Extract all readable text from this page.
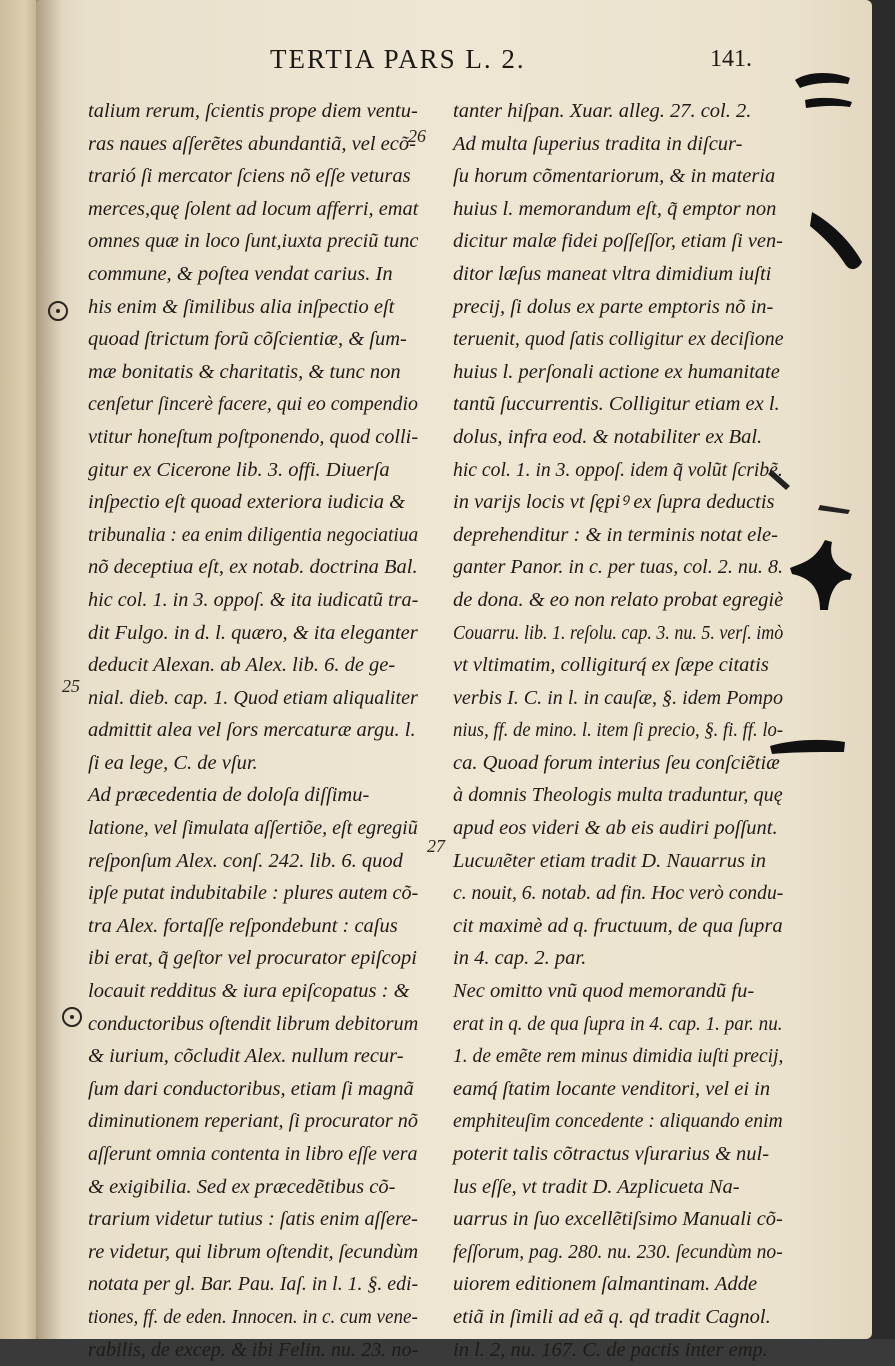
TERTIA PARS L. 2.	141.
26
25
27
talium rerum, ſcientis prope diem ventu-
ras naues aſſerẽtes abundantiã, vel ecõ-
trarió ſi mercator ſciens nõ eſſe veturas
merces,quę ſolent ad locum afferri, emat
omnes quæ in loco ſunt,iuxta preciũ tunc
commune, & poſtea vendat carius. In
his enim & ſimilibus alia inſpectio eſt
quoad ſtrictum forũ cõſcientiæ, & ſum-
mæ bonitatis & charitatis, & tunc non
cenſetur ſincerè facere, qui eo compendio
vtitur honeſtum poſtponendo, quod colli-
gitur ex Cicerone lib. 3. offi. Diuerſa
inſpectio eſt quoad exteriora iudicia &
tribunalia : ea enim diligentia negociatiua
nõ deceptiua eſt, ex notab. doctrina Bal.
hic col. 1. in 3. oppoſ. & ita iudicatũ tra-
dit Fulgo. in d. l. quæro, & ita eleganter
deducit Alexan. ab Alex. lib. 6. de ge-
nial. dieb. cap. 1. Quod etiam aliqualiter
admittit alea vel ſors mercaturæ argu. l.
ſi ea lege, C. de vſur.
Ad præcedentia de doloſa diſſimu-
latione, vel ſimulata aſſertiõe, eſt egregiũ
reſponſum Alex. conſ. 242. lib. 6. quod
ipſe putat indubitabile : plures autem cõ-
tra Alex. fortaſſe reſpondebunt : caſus
ibi erat, q̃ geſtor vel procurator epiſcopi
locauit redditus & iura epiſcopatus : &
conductoribus oſtendit librum debitorum
& iurium, cõcludit Alex. nullum recur-
ſum dari conductoribus, etiam ſi magnã
diminutionem reperiant, ſi procurator nõ
aſſerunt omnia contenta in libro eſſe vera
& exigibilia. Sed ex præcedẽtibus cõ-
trarium videtur tutius : ſatis enim aſſere-
re videtur, qui librum oſtendit, ſecundùm
notata per gl. Bar. Pau. Iaſ. in l. 1. §. edi-
tiones, ff. de eden. Innocen. in c. cum vene-
rabilis, de excep. & ibi Felin. nu. 23. no-
tanter hiſpan. Xuar. alleg. 27. col. 2.
Ad multa ſuperius tradita in diſcur-
ſu horum cõmentariorum, & in materia
huius l. memorandum eſt, q̃ emptor non
dicitur malæ fidei poſſeſſor, etiam ſi ven-
ditor læſus maneat vltra dimidium iuſti
precij, ſi dolus ex parte emptoris nõ in-
teruenit, quod ſatis colligitur ex deciſione
huius l. perſonali actione ex humanitate
tantũ ſuccurrentis. Colligitur etiam ex l.
dolus, infra eod. & notabiliter ex Bal.
hic col. 1. in 3. oppoſ. idem q̃ volũt ſcribẽ.
in varijs locis vt ſępiꝰ ex ſupra deductis
deprehenditur : & in terminis notat ele-
ganter Panor. in c. per tuas, col. 2. nu. 8.
de dona. & eo non relato probat egregiè
Couarru. lib. 1. reſolu. cap. 3. nu. 5. verſ. imò
vt vltimatim, colligiturq́ ex ſæpe citatis
verbis I. C. in l. in cauſæ, §. idem Pompo
nius, ff. de mino. l. item ſi precio, §. fi. ff. lo-
ca. Quoad forum interius ſeu conſciẽtiæ
à domnis Theologis multa traduntur, quę
apud eos videri & ab eis audiri poſſunt.
Lucuлẽter etiam tradit D. Nauarrus in
c. nouit, 6. notab. ad fin. Hoc verò condu-
cit maximè ad q. fructuum, de qua ſupra
in 4. cap. 2. par.
Nec omitto vnũ quod memorandũ fu-
erat in q. de qua ſupra in 4. cap. 1. par. nu.
1. de emẽte rem minus dimidia iuſti precij,
eamq́ ſtatim locante venditori, vel ei in
emphiteuſim concedente : aliquando enim
poterit talis cõtractus vſurarius & nul-
lus eſſe, vt tradit D. Azplicueta Na-
uarrus in ſuo excellẽtiſsimo Manuali cõ-
feſſorum, pag. 280. nu. 230. ſecundùm no-
uiorem editionem ſalmantinam. Adde
etiã in ſimili ad eã q. qd tradit Cagnol.
in l. 2, nu. 167. C. de pactis inter emp.
